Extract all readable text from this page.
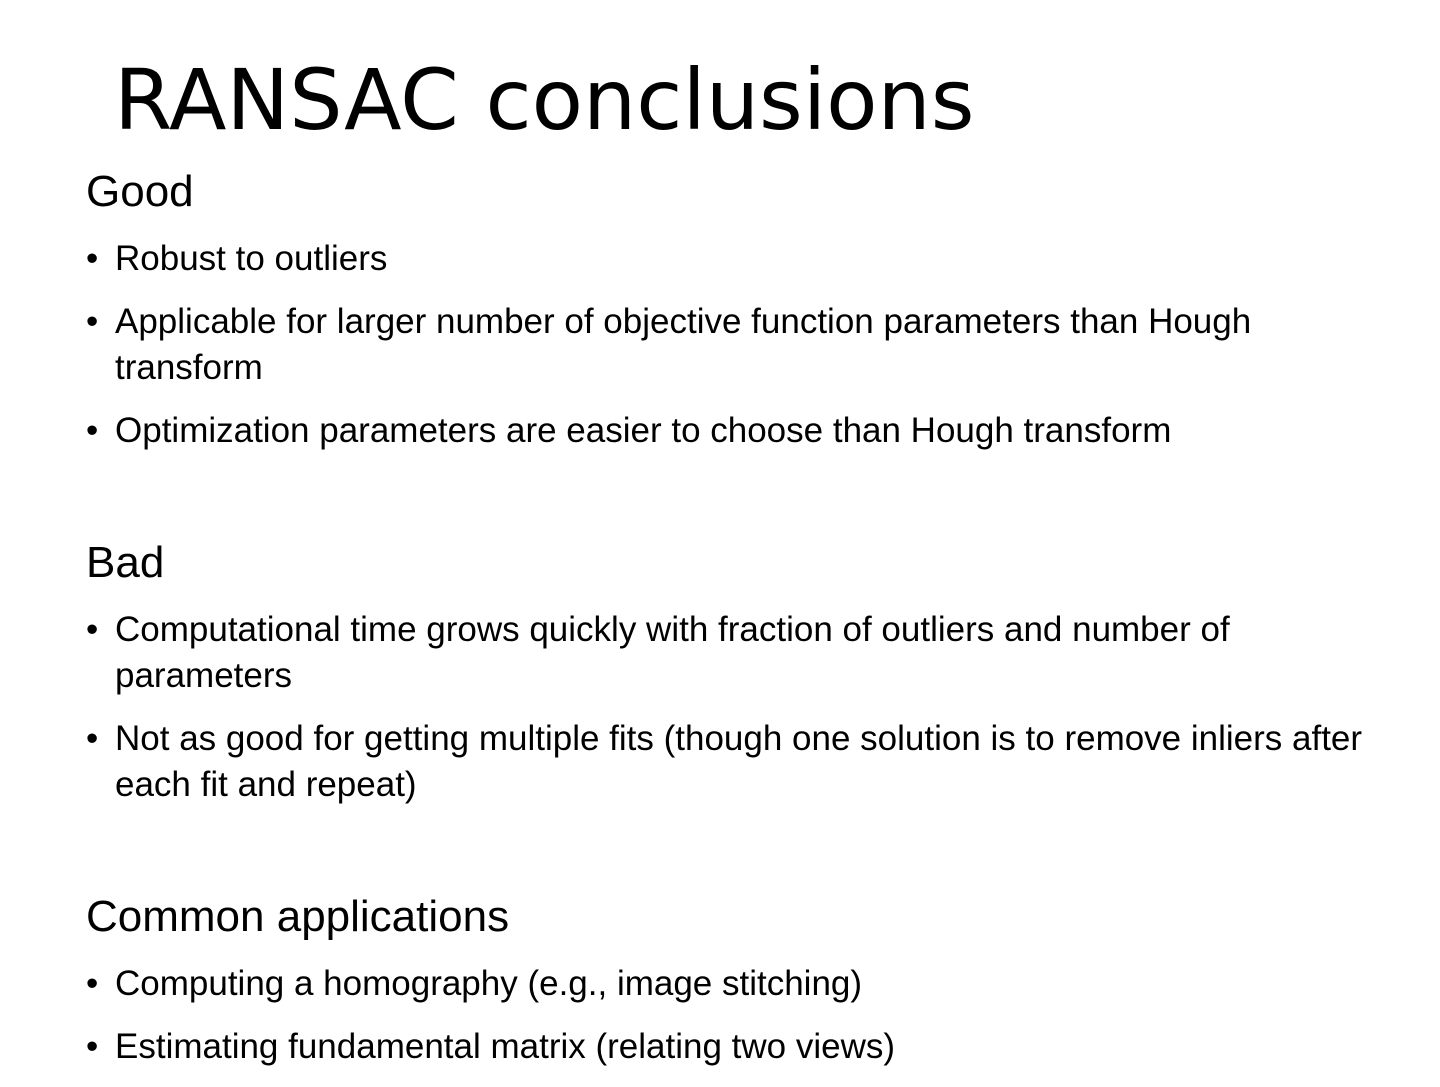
RANSAC conclusions
Good
• Robust to outliers
• Applicable for larger number of objective function parameters than Hough transform
• Optimization parameters are easier to choose than Hough transform
Bad
• Computational time grows quickly with fraction of outliers and number of parameters
• Not as good for getting multiple fits (though one solution is to remove inliers after each fit and repeat)
Common applications
• Computing a homography (e.g., image stitching)
• Estimating fundamental matrix (relating two views)
